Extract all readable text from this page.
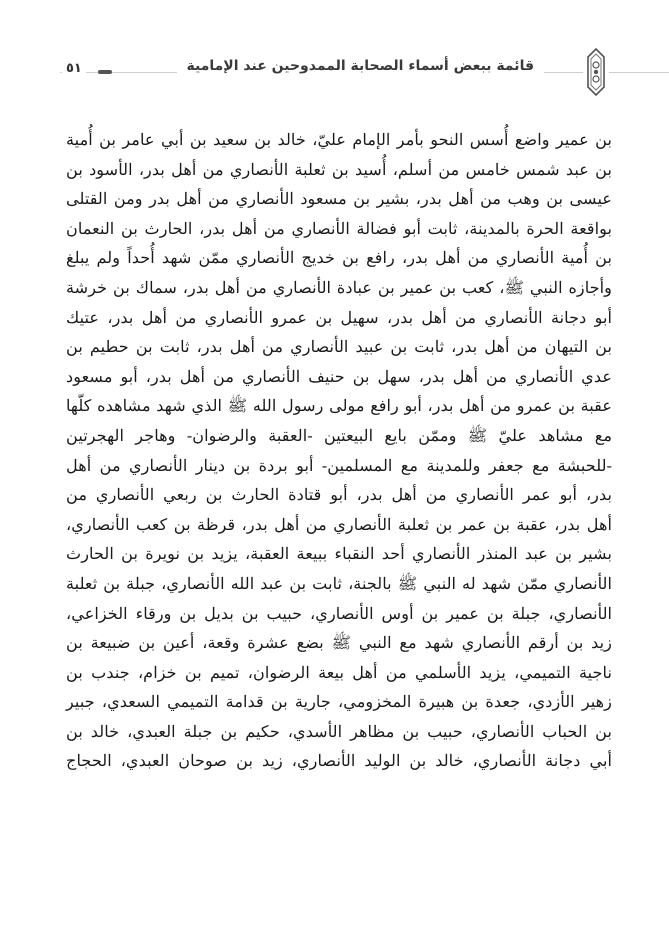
٥١	قائمة ببعض أسماء الصحابة الممدوحين عند الإمامية
بن عمير واضع أُسس النحو بأمر الإمام عليّ، خالد بن سعيد بن أبي عامر بن أُمية
بن عبد شمس خامس من أسلم، أُسيد بن ثعلبة الأنصاري من أهل بدر، الأسود بن
عيسى بن وهب من أهل بدر، بشير بن مسعود الأنصاري من أهل بدر ومن القتلى
بواقعة الحرة بالمدينة، ثابت أبو فضالة الأنصاري من أهل بدر، الحارث بن النعمان
بن أُمية الأنصاري من أهل بدر، رافع بن خديج الأنصاري ممّن شهد أُحداً ولم يبلغ
وأجازه النبي ﷺ، كعب بن عمير بن عبادة الأنصاري من أهل بدر، سماك بن خرشة
أبو دجانة الأنصاري من أهل بدر، سهيل بن عمرو الأنصاري من أهل بدر، عتيك
بن التيهان من أهل بدر، ثابت بن عبيد الأنصاري من أهل بدر، ثابت بن حطيم بن
عدي الأنصاري من أهل بدر، سهل بن حنيف الأنصاري من أهل بدر، أبو مسعود
عقبة بن عمرو من أهل بدر، أبو رافع مولى رسول الله ﷺ الذي شهد مشاهده كلّها
مع مشاهد عليّ ﷺ وممّن بايع البيعتين -العقبة والرضوان- وهاجر الهجرتين
-للحبشة مع جعفر وللمدينة مع المسلمين- أبو بردة بن دينار الأنصاري من أهل
بدر، أبو عمر الأنصاري من أهل بدر، أبو قتادة الحارث بن ربعي الأنصاري من
أهل بدر، عقبة بن عمر بن ثعلبة الأنصاري من أهل بدر، قرظة بن كعب الأنصاري،
بشير بن عبد المنذر الأنصاري أحد النقباء ببيعة العقبة، يزيد بن نويرة بن الحارث
الأنصاري ممّن شهد له النبي ﷺ بالجنة، ثابت بن عبد الله الأنصاري، جبلة بن ثعلبة
الأنصاري، جبلة بن عمير بن أوس الأنصاري، حبيب بن بديل بن ورقاء الخزاعي،
زيد بن أرقم الأنصاري شهد مع النبي ﷺ بضع عشرة وقعة، أعين بن ضبيعة بن
ناجية التميمي، يزيد الأسلمي من أهل بيعة الرضوان، تميم بن خزام، جندب بن
زهير الأزدي، جعدة بن هبيرة المخزومي، جارية بن قدامة التميمي السعدي، جبير
بن الحباب الأنصاري، حبيب بن مظاهر الأسدي، حكيم بن جبلة العبدي، خالد بن
أبي دجانة الأنصاري، خالد بن الوليد الأنصاري، زيد بن صوحان العبدي، الحجاج
